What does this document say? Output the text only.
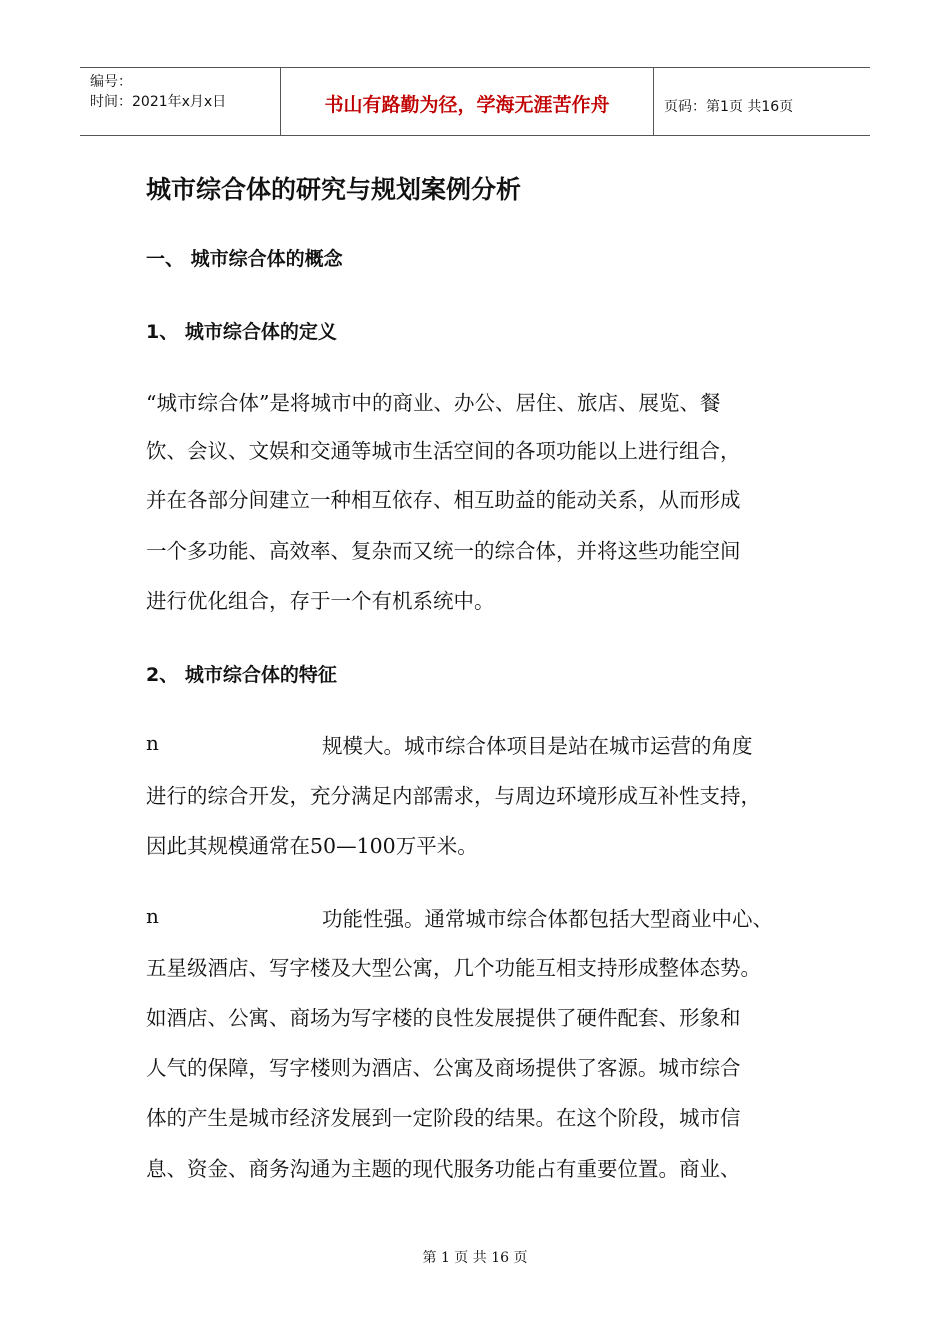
编号：
时间：2021年x月x日	书山有路勤为径，学海无涯苦作舟	页码：第1页 共16页
城市综合体的研究与规划案例分析
一、 城市综合体的概念
1、 城市综合体的定义
“城市综合体”是将城市中的商业、办公、居住、旅店、展览、餐
饮、会议、文娱和交通等城市生活空间的各项功能以上进行组合，
并在各部分间建立一种相互依存、相互助益的能动关系，从而形成
一个多功能、高效率、复杂而又统一的综合体，并将这些功能空间
进行优化组合，存于一个有机系统中。
2、 城市综合体的特征
n	规模大。城市综合体项目是站在城市运营的角度
进行的综合开发，充分满足内部需求，与周边环境形成互补性支持，
因此其规模通常在50—100万平米。
n	功能性强。通常城市综合体都包括大型商业中心、
五星级酒店、写字楼及大型公寓，几个功能互相支持形成整体态势。
如酒店、公寓、商场为写字楼的良性发展提供了硬件配套、形象和
人气的保障，写字楼则为酒店、公寓及商场提供了客源。城市综合
体的产生是城市经济发展到一定阶段的结果。在这个阶段，城市信
息、资金、商务沟通为主题的现代服务功能占有重要位置。商业、
第 1 页 共 16 页
